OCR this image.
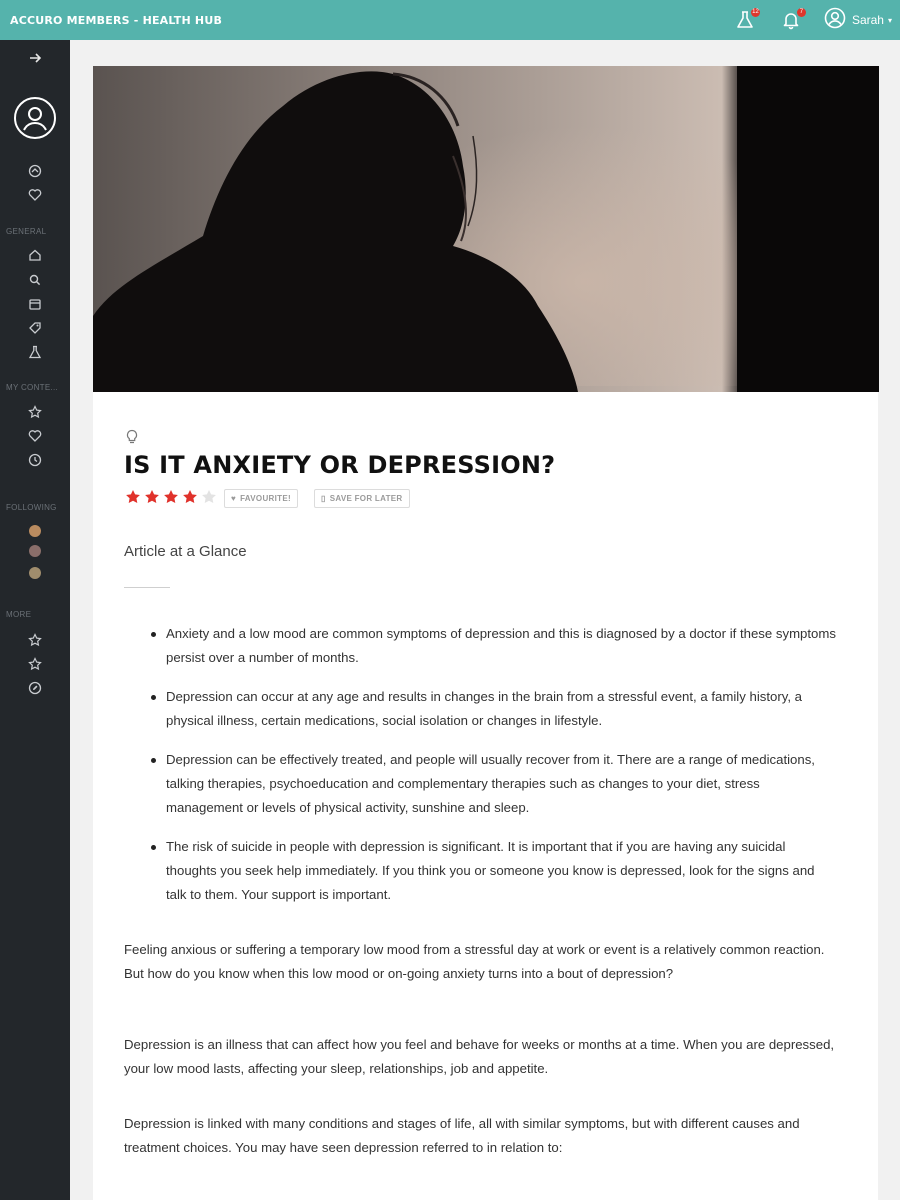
ACCURO MEMBERS - HEALTH HUB
12	7
Sarah ▾
GENERAL
MY CONTE...
FOLLOWING
MORE
IS IT ANXIETY OR DEPRESSION?
♥ FAVOURITE!	▯ SAVE FOR LATER
Article at a Glance
Anxiety and a low mood are common symptoms of depression and this is diagnosed by a doctor if these symptoms persist over a number of months.
Depression can occur at any age and results in changes in the brain from a stressful event, a family history, a physical illness, certain medications, social isolation or changes in lifestyle.
Depression can be effectively treated, and people will usually recover from it. There are a range of medications, talking therapies, psychoeducation and complementary therapies such as changes to your diet, stress management or levels of physical activity, sunshine and sleep.
The risk of suicide in people with depression is significant. It is important that if you are having any suicidal thoughts you seek help immediately. If you think you or someone you know is depressed, look for the signs and talk to them. Your support is important.

Feeling anxious or suffering a temporary low mood from a stressful day at work or event is a relatively common reaction. But how do you know when this low mood or on-going anxiety turns into a bout of depression?

Depression is an illness that can affect how you feel and behave for weeks or months at a time. When you are depressed, your low mood lasts, affecting your sleep, relationships, job and appetite.

Depression is linked with many conditions and stages of life, all with similar symptoms, but with different causes and treatment choices. You may have seen depression referred to in relation to:
